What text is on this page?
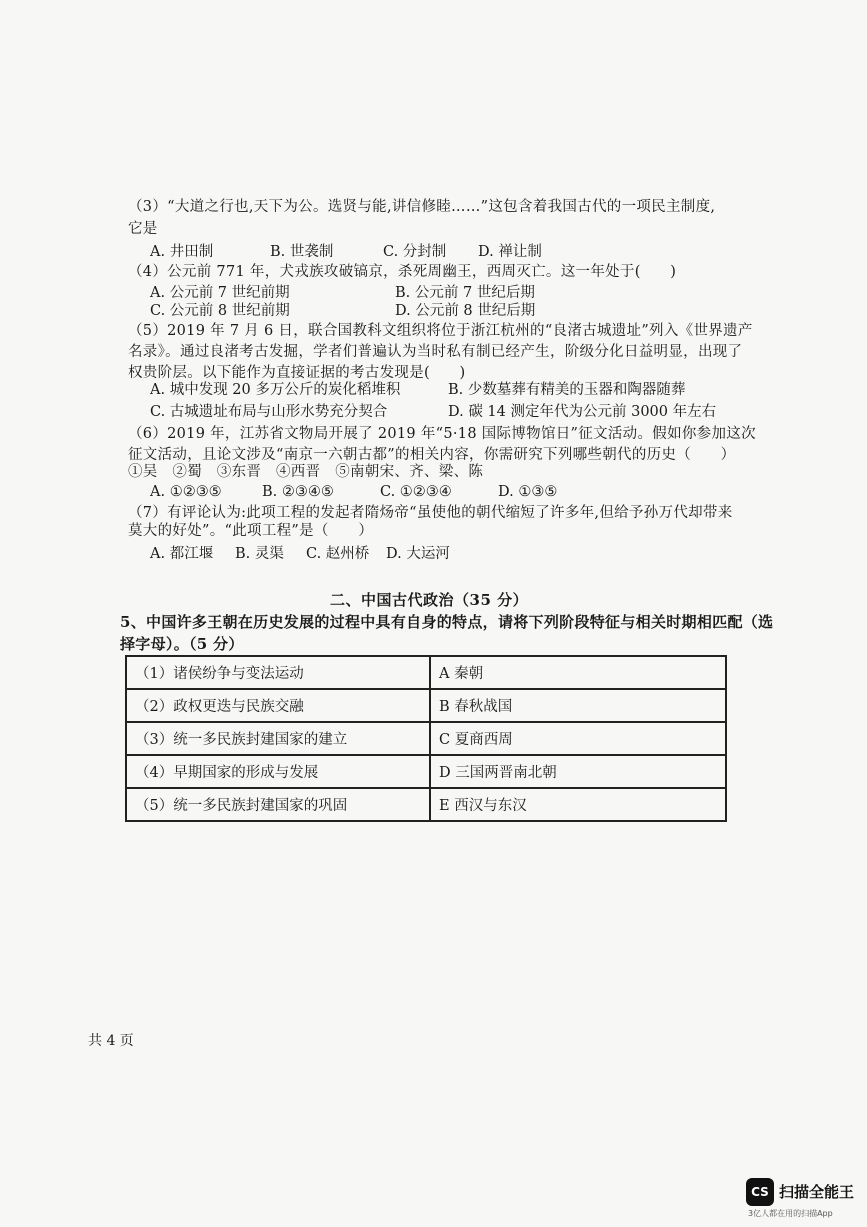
（3）“大道之行也,天下为公。选贤与能,讲信修睦……”这包含着我国古代的一项民主制度,
它是
A. 井田制	B. 世袭制	C. 分封制 D. 禅让制
（4）公元前 771 年，犬戎族攻破镐京，杀死周幽王，西周灭亡。这一年处于(　　)
A. 公元前 7 世纪前期	B. 公元前 7 世纪后期
C. 公元前 8 世纪前期	D. 公元前 8 世纪后期
（5）2019 年 7 月 6 日，联合国教科文组织将位于浙江杭州的“良渚古城遗址”列入《世界遗产
名录》。通过良渚考古发掘，学者们普遍认为当时私有制已经产生，阶级分化日益明显，出现了
权贵阶层。以下能作为直接证据的考古发现是(　　)
A. 城中发现 20 多万公斤的炭化稻堆积	B. 少数墓葬有精美的玉器和陶器随葬
C. 古城遗址布局与山形水势充分契合	D. 碳 14 测定年代为公元前 3000 年左右
（6）2019 年，江苏省文物局开展了 2019 年“5·18 国际博物馆日”征文活动。假如你参加这次
征文活动，且论文涉及“南京一六朝古都”的相关内容，你需研究下列哪些朝代的历史（　　）
①吴　②蜀　③东晋　④西晋　⑤南朝宋、齐、梁、陈
A. ①②③⑤	B. ②③④⑤	C. ①②③④	D. ①③⑤
（7）有评论认为:此项工程的发起者隋炀帝“虽使他的朝代缩短了许多年,但给予孙万代却带来
莫大的好处”。“此项工程”是（　　）
A. 都江堰 B. 灵渠 C. 赵州桥 D. 大运河
二、中国古代政治（35 分）
5、中国许多王朝在历史发展的过程中具有自身的特点，请将下列阶段特征与相关时期相匹配（选
择字母）。（5 分）
（1）诸侯纷争与变法运动	A 秦朝
（2）政权更迭与民族交融	B 春秋战国
（3）统一多民族封建国家的建立	C 夏商西周
（4）早期国家的形成与发展	D 三国两晋南北朝
（5）统一多民族封建国家的巩固	E 西汉与东汉
共 4 页
CS 扫描全能王
3亿人都在用的扫描App
